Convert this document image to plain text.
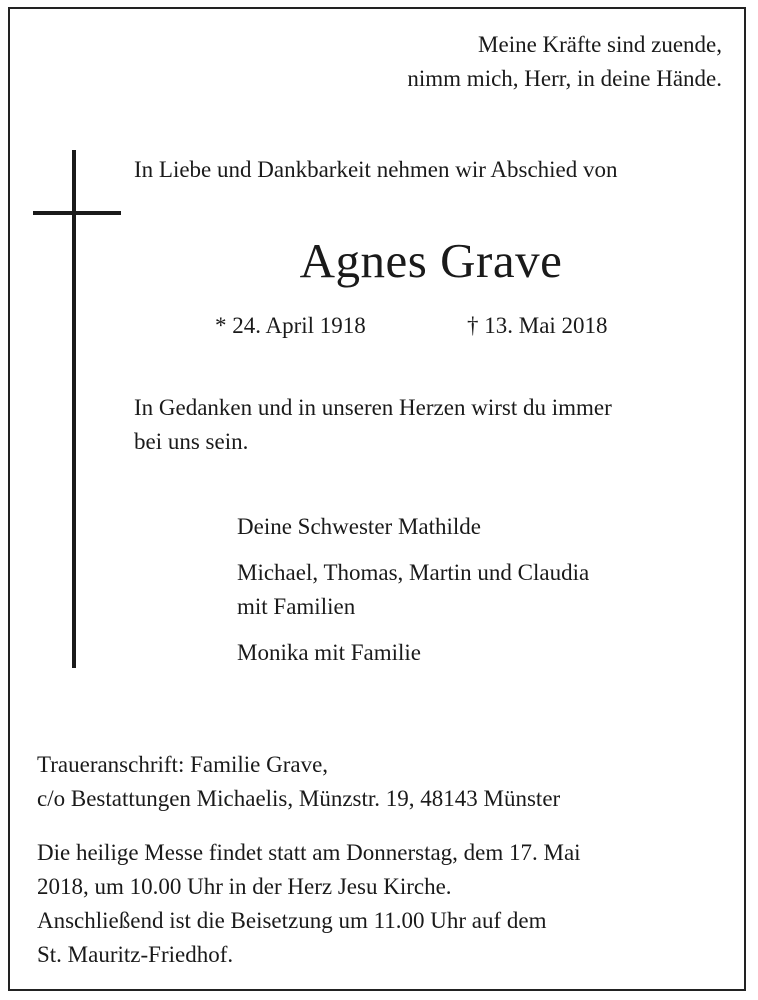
Meine Kräfte sind zuende,
nimm mich, Herr, in deine Hände.
In Liebe und Dankbarkeit nehmen wir Abschied von
Agnes Grave
* 24. April 1918	† 13. Mai 2018
In Gedanken und in unseren Herzen wirst du immer
bei uns sein.
Deine Schwester Mathilde
Michael, Thomas, Martin und Claudia
mit Familien
Monika mit Familie
Traueranschrift: Familie Grave,
c/o Bestattungen Michaelis, Münzstr. 19, 48143 Münster
Die heilige Messe findet statt am Donnerstag, dem 17. Mai
2018, um 10.00 Uhr in der Herz Jesu Kirche.
Anschließend ist die Beisetzung um 11.00 Uhr auf dem
St. Mauritz-Friedhof.
